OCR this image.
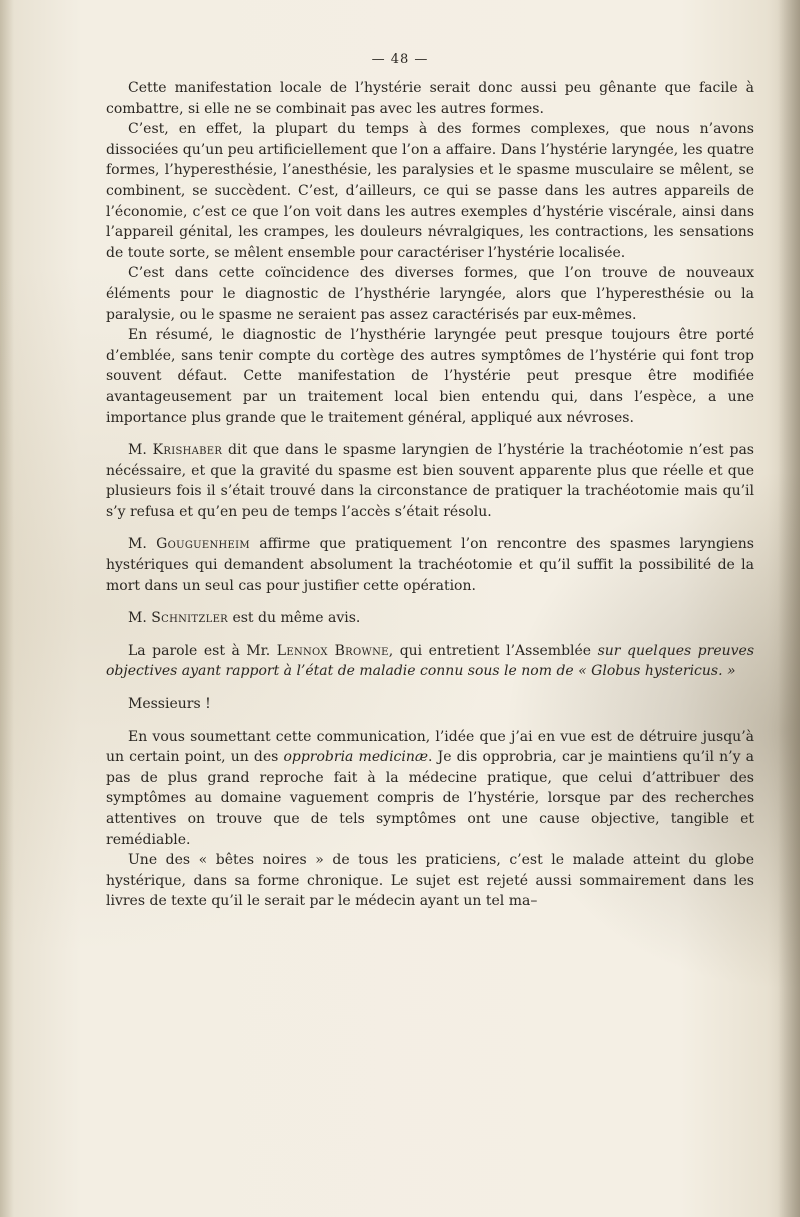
— 48 —

Cette manifestation locale de l’hystérie serait donc aussi peu gênante que facile à combattre, si elle ne se combinait pas avec les autres formes.

C’est, en effet, la plupart du temps à des formes complexes, que nous n’avons dissociées qu’un peu artificiellement que l’on a affaire. Dans l’hystérie laryngée, les quatre formes, l’hyperesthésie, l’anesthésie, les paralysies et le spasme musculaire se mêlent, se combinent, se succèdent. C’est, d’ailleurs, ce qui se passe dans les autres appareils de l’économie, c’est ce que l’on voit dans les autres exemples d’hystérie viscérale, ainsi dans l’appareil génital, les crampes, les douleurs névralgiques, les contractions, les sensations de toute sorte, se mêlent ensemble pour caractériser l’hystérie localisée.

C’est dans cette coïncidence des diverses formes, que l’on trouve de nouveaux éléments pour le diagnostic de l’hysthérie laryngée, alors que l’hyperesthésie ou la paralysie, ou le spasme ne seraient pas assez caractérisés par eux-mêmes.

En résumé, le diagnostic de l’hysthérie laryngée peut presque toujours être porté d’emblée, sans tenir compte du cortège des autres symptômes de l’hystérie qui font trop souvent défaut. Cette manifestation de l’hystérie peut presque être modifiée avantageusement par un traitement local bien entendu qui, dans l’espèce, a une importance plus grande que le traitement général, appliqué aux névroses.

M. Krishaber dit que dans le spasme laryngien de l’hystérie la trachéotomie n’est pas nécéssaire, et que la gravité du spasme est bien souvent apparente plus que réelle et que plusieurs fois il s’était trouvé dans la circonstance de pratiquer la trachéotomie mais qu’il s’y refusa et qu’en peu de temps l’accès s’était résolu.

M. Gouguenheim affirme que pratiquement l’on rencontre des spasmes laryngiens hystériques qui demandent absolument la trachéotomie et qu’il suffit la possibilité de la mort dans un seul cas pour justifier cette opération.

M. Schnitzler est du même avis.

La parole est à Mr. Lennox Browne, qui entretient l’Assemblée sur quelques preuves objectives ayant rapport à l’état de maladie connu sous le nom de « Globus hystericus. »

Messieurs !

En vous soumettant cette communication, l’idée que j’ai en vue est de détruire jusqu’à un certain point, un des opprobria medicinæ. Je dis opprobria, car je maintiens qu’il n’y a pas de plus grand reproche fait à la médecine pratique, que celui d’attribuer des symptômes au domaine vaguement compris de l’hystérie, lorsque par des recherches attentives on trouve que de tels symptômes ont une cause objective, tangible et remédiable.

Une des « bêtes noires » de tous les praticiens, c’est le malade atteint du globe hystérique, dans sa forme chronique. Le sujet est rejeté aussi sommairement dans les livres de texte qu’il le serait par le médecin ayant un tel ma–
